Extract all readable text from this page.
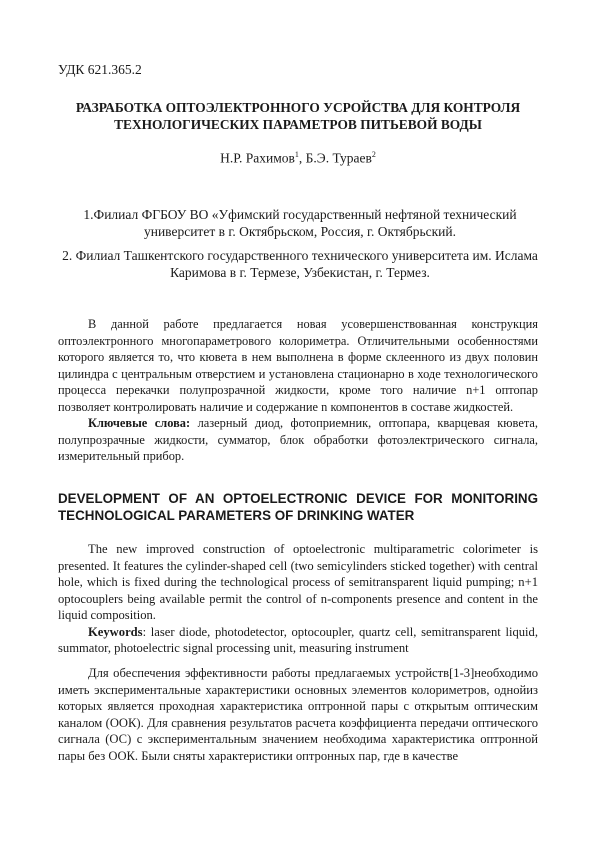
УДК 621.365.2
РАЗРАБОТКА ОПТОЭЛЕКТРОННОГО УСРОЙСТВА ДЛЯ КОНТРОЛЯ ТЕХНОЛОГИЧЕСКИХ ПАРАМЕТРОВ ПИТЬЕВОЙ ВОДЫ
Н.Р. Рахимов$^1$, Б.Э. Тураев$^2$
1.Филиал ФГБОУ ВО «Уфимский государственный нефтяной технический университет в г. Октябрьском, Россия, г. Октябрьский.
2. Филиал Ташкентского государственного технического университета им. Ислама Каримова в г. Термезе, Узбекистан, г. Термез.

В данной работе предлагается новая усовершенствованная конструкция оптоэлектронного многопараметрового колориметра. Отличительными особенностями которого является то, что кювета в нем выполнена в форме склеенного из двух половин цилиндра с центральным отверстием и установлена стационарно в ходе технологического процесса перекачки полупрозрачной жидкости, кроме того наличие n+1 оптопар позволяет контролировать наличие и содержание n компонентов в составе жидкостей.

Ключевые слова: лазерный диод, фотоприемник, оптопара, кварцевая кювета, полупрозрачные жидкости, сумматор, блок обработки фотоэлектрического сигнала, измерительный прибор.

DEVELOPMENT OF AN OPTOELECTRONIC DEVICE FOR MONITORING TECHNOLOGICAL PARAMETERS OF DRINKING WATER

The new improved construction of optoelectronic multiparametric colorimeter is presented. It features the cylinder-shaped cell (two semicylinders sticked together) with central hole, which is fixed during the technological process of semitransparent liquid pumping; n+1 optocouplers being available permit the control of n-components presence and content in the liquid composition.

Keywords: laser diode, photodetector, optocoupler, quartz cell, semitransparent liquid, summator, photoelectric signal processing unit, measuring instrument

Для обеспечения эффективности работы предлагаемых устройств[1-3]необходимо иметь экспериментальные характеристики основных элементов колориметров, однойиз которых является проходная характеристика оптронной пары с открытым оптическим каналом (ООК). Для сравнения результатов расчета коэффициента передачи оптического сигнала (ОС) с экспериментальным значением необходима характеристика оптронной пары без ООК. Были сняты характеристики оптронных пар, где в качестве
